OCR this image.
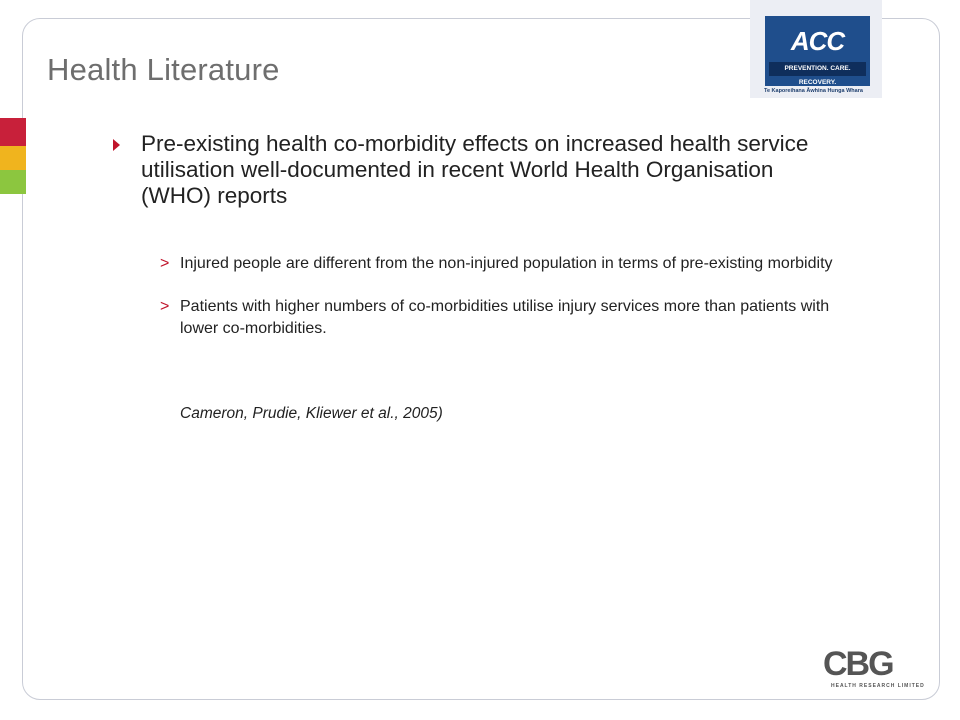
Health Literature
ACC
PREVENTION. CARE. RECOVERY.
Te Kaporeihana Āwhina Hunga Whara
Pre-existing health co-morbidity effects on increased health service utilisation well-documented in recent World Health Organisation (WHO) reports
> Injured people are different from the non-injured population in terms of pre-existing morbidity
> Patients with higher numbers of co-morbidities utilise injury services more than patients with lower co-morbidities.
Cameron, Prudie, Kliewer et al., 2005)
CBG
HEALTH RESEARCH LIMITED
